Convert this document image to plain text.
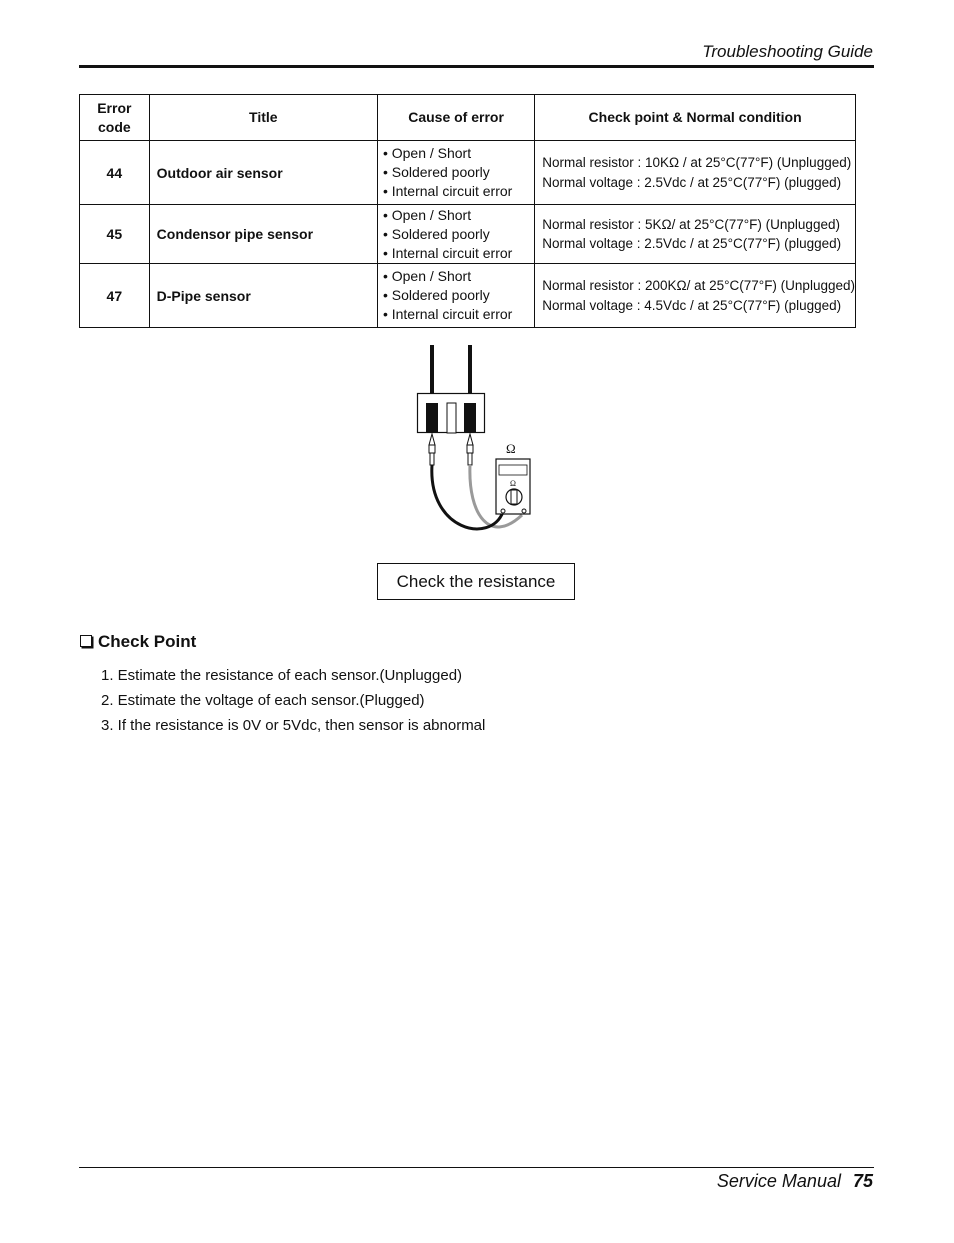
Troubleshooting Guide
Error
code	Title	Cause of error	Check point & Normal condition
44	Outdoor air sensor	• Open / Short
• Soldered poorly
• Internal circuit error	Normal resistor : 10KΩ / at 25°C(77°F) (Unplugged)
Normal voltage : 2.5Vdc / at 25°C(77°F) (plugged)

45	Condensor pipe sensor	• Open / Short
• Soldered poorly
• Internal circuit error	Normal resistor : 5KΩ/ at 25°C(77°F) (Unplugged)
Normal voltage : 2.5Vdc / at 25°C(77°F) (plugged)

47	D-Pipe sensor	• Open / Short
• Soldered poorly
• Internal circuit error	Normal resistor : 200KΩ/ at 25°C(77°F) (Unplugged)
Normal voltage : 4.5Vdc / at 25°C(77°F) (plugged)
Ω
Ω
Check the resistance
Check Point
1. Estimate the resistance of each sensor.(Unplugged)
2. Estimate the voltage of each sensor.(Plugged)
3. If the resistance is 0V or 5Vdc, then sensor is abnormal
Service Manual 75
